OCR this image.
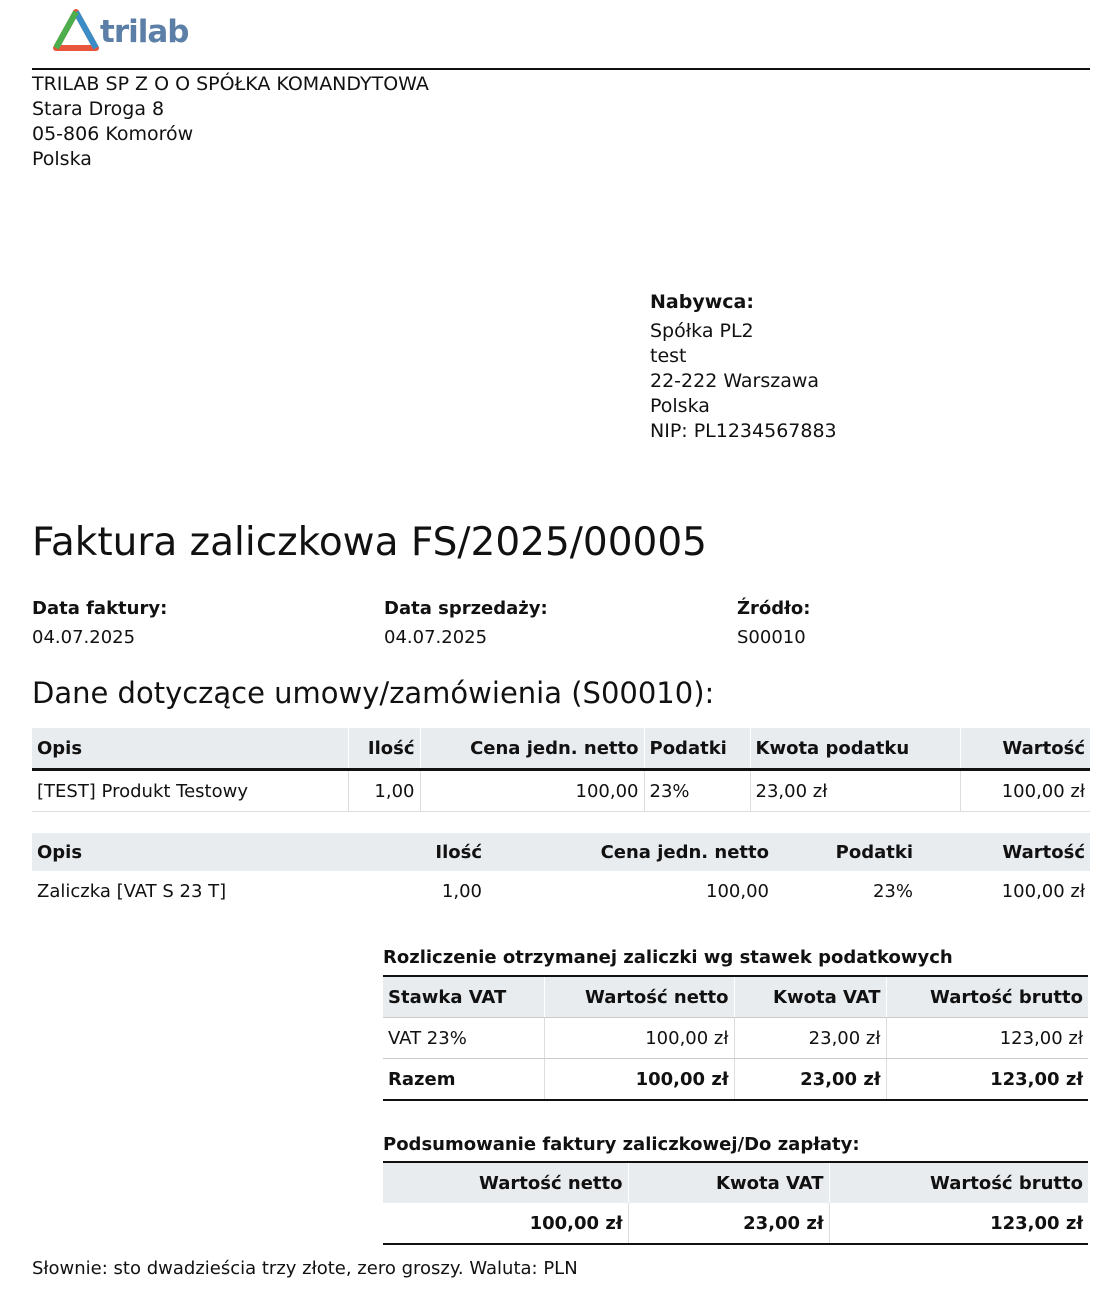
trilab
TRILAB SP Z O O SPÓŁKA KOMANDYTOWA
Stara Droga 8
05-806 Komorów
Polska
Nabywca:
Spółka PL2
test
22-222 Warszawa
Polska
NIP: PL1234567883
Faktura zaliczkowa FS/2025/00005
Data faktury:
04.07.2025
Data sprzedaży:
04.07.2025
Źródło:
S00010
Dane dotyczące umowy/zamówienia (S00010):
Opis	Ilość	Cena jedn. netto	Podatki	Kwota podatku	Wartość
[TEST] Produkt Testowy	1,00	100,00	23%	23,00 zł	100,00 zł
Opis	Ilość	Cena jedn. netto	Podatki	Wartość
Zaliczka [VAT S 23 T]	1,00	100,00	23%	100,00 zł
Rozliczenie otrzymanej zaliczki wg stawek podatkowych
Stawka VAT	Wartość netto	Kwota VAT	Wartość brutto
VAT 23%	100,00 zł	23,00 zł	123,00 zł
Razem	100,00 zł	23,00 zł	123,00 zł
Podsumowanie faktury zaliczkowej/Do zapłaty:
Wartość netto	Kwota VAT	Wartość brutto
100,00 zł	23,00 zł	123,00 zł
Słownie: sto dwadzieścia trzy złote, zero groszy. Waluta: PLN
